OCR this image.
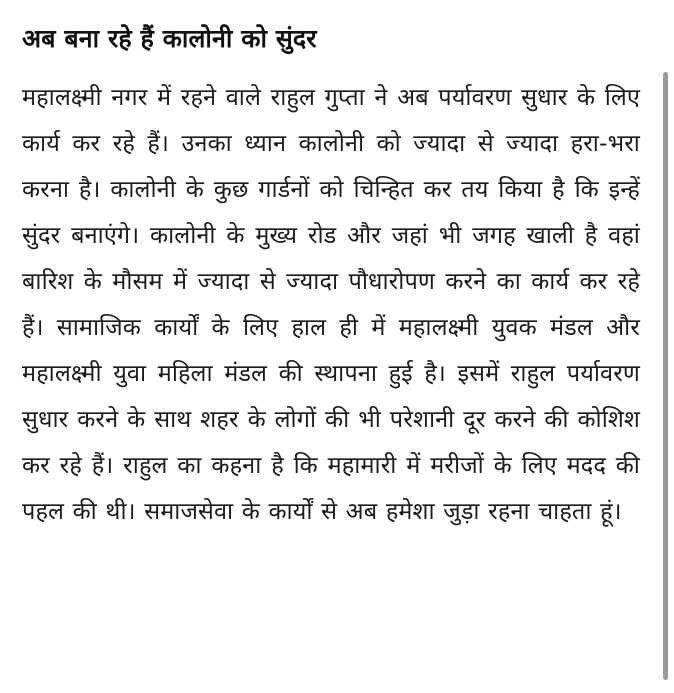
अब बना रहे हैं कालोनी को सुंदर

महालक्ष्मी नगर में रहने वाले राहुल गुप्ता ने अब पर्यावरण सुधार के लिए कार्य कर रहे हैं। उनका ध्यान कालोनी को ज्यादा से ज्यादा हरा-भरा करना है। कालोनी के कुछ गार्डनों को चिन्हित कर तय किया है कि इन्हें सुंदर बनाएंगे। कालोनी के मुख्य रोड और जहां भी जगह खाली है वहां बारिश के मौसम में ज्यादा से ज्यादा पौधारोपण करने का कार्य कर रहे हैं। सामाजिक कार्यों के लिए हाल ही में महालक्ष्मी युवक मंडल और महालक्ष्मी युवा महिला मंडल की स्थापना हुई है। इसमें राहुल पर्यावरण सुधार करने के साथ शहर के लोगों की भी परेशानी दूर करने की कोशिश कर रहे हैं। राहुल का कहना है कि महामारी में मरीजों के लिए मदद की पहल की थी। समाजसेवा के कार्यों से अब हमेशा जुड़ा रहना चाहता हूं।
